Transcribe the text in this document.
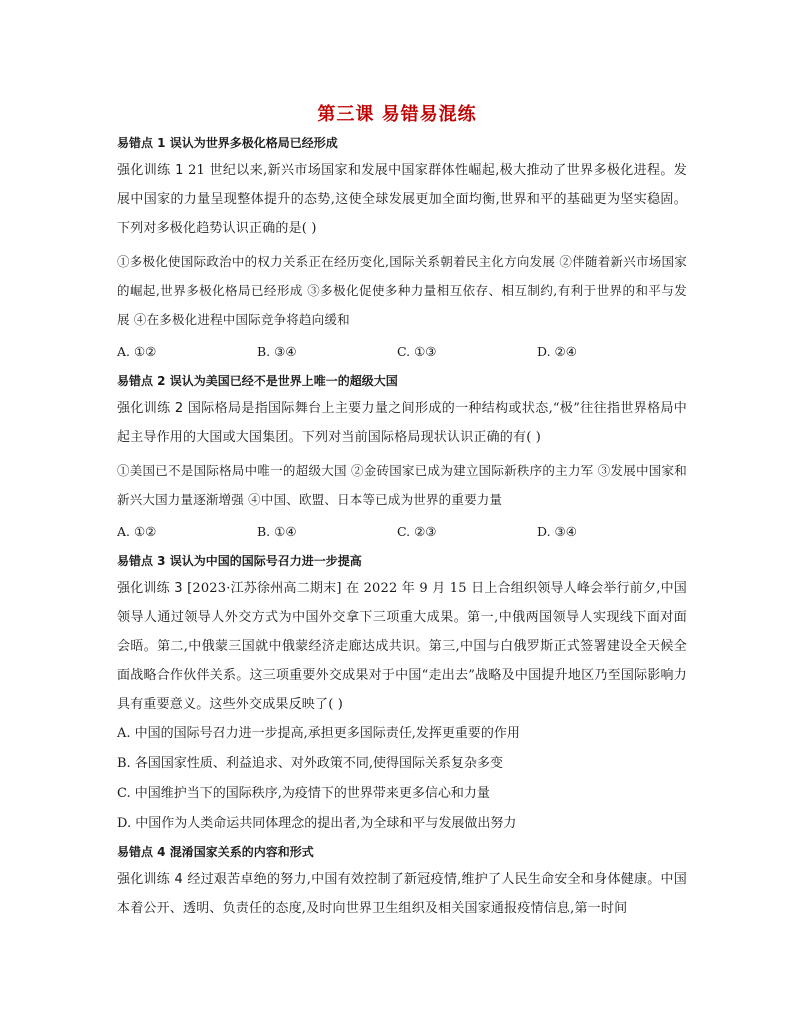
第三课 易错易混练
易错点 1 误认为世界多极化格局已经形成
强化训练 1 21 世纪以来,新兴市场国家和发展中国家群体性崛起,极大推动了世界多极化进程。发展中国家的力量呈现整体提升的态势,这使全球发展更加全面均衡,世界和平的基础更为坚实稳固。下列对多极化趋势认识正确的是( )
①多极化使国际政治中的权力关系正在经历变化,国际关系朝着民主化方向发展 ②伴随着新兴市场国家的崛起,世界多极化格局已经形成 ③多极化促使多种力量相互依存、相互制约,有利于世界的和平与发展 ④在多极化进程中国际竞争将趋向缓和
A. ①②	B. ③④	C. ①③	D. ②④
易错点 2 误认为美国已经不是世界上唯一的超级大国
强化训练 2 国际格局是指国际舞台上主要力量之间形成的一种结构或状态,“极”往往指世界格局中起主导作用的大国或大国集团。下列对当前国际格局现状认识正确的有( )
①美国已不是国际格局中唯一的超级大国 ②金砖国家已成为建立国际新秩序的主力军 ③发展中国家和新兴大国力量逐渐增强 ④中国、欧盟、日本等已成为世界的重要力量
A. ①②	B. ①④	C. ②③	D. ③④
易错点 3 误认为中国的国际号召力进一步提高
强化训练 3 [2023·江苏徐州高二期末] 在 2022 年 9 月 15 日上合组织领导人峰会举行前夕,中国领导人通过领导人外交方式为中国外交拿下三项重大成果。第一,中俄两国领导人实现线下面对面会晤。第二,中俄蒙三国就中俄蒙经济走廊达成共识。第三,中国与白俄罗斯正式签署建设全天候全面战略合作伙伴关系。这三项重要外交成果对于中国“走出去”战略及中国提升地区乃至国际影响力具有重要意义。这些外交成果反映了( )
A. 中国的国际号召力进一步提高,承担更多国际责任,发挥更重要的作用
B. 各国国家性质、利益追求、对外政策不同,使得国际关系复杂多变
C. 中国维护当下的国际秩序,为疫情下的世界带来更多信心和力量
D. 中国作为人类命运共同体理念的提出者,为全球和平与发展做出努力
易错点 4 混淆国家关系的内容和形式
强化训练 4 经过艰苦卓绝的努力,中国有效控制了新冠疫情,维护了人民生命安全和身体健康。中国本着公开、透明、负责任的态度,及时向世界卫生组织及相关国家通报疫情信息,第一时间
